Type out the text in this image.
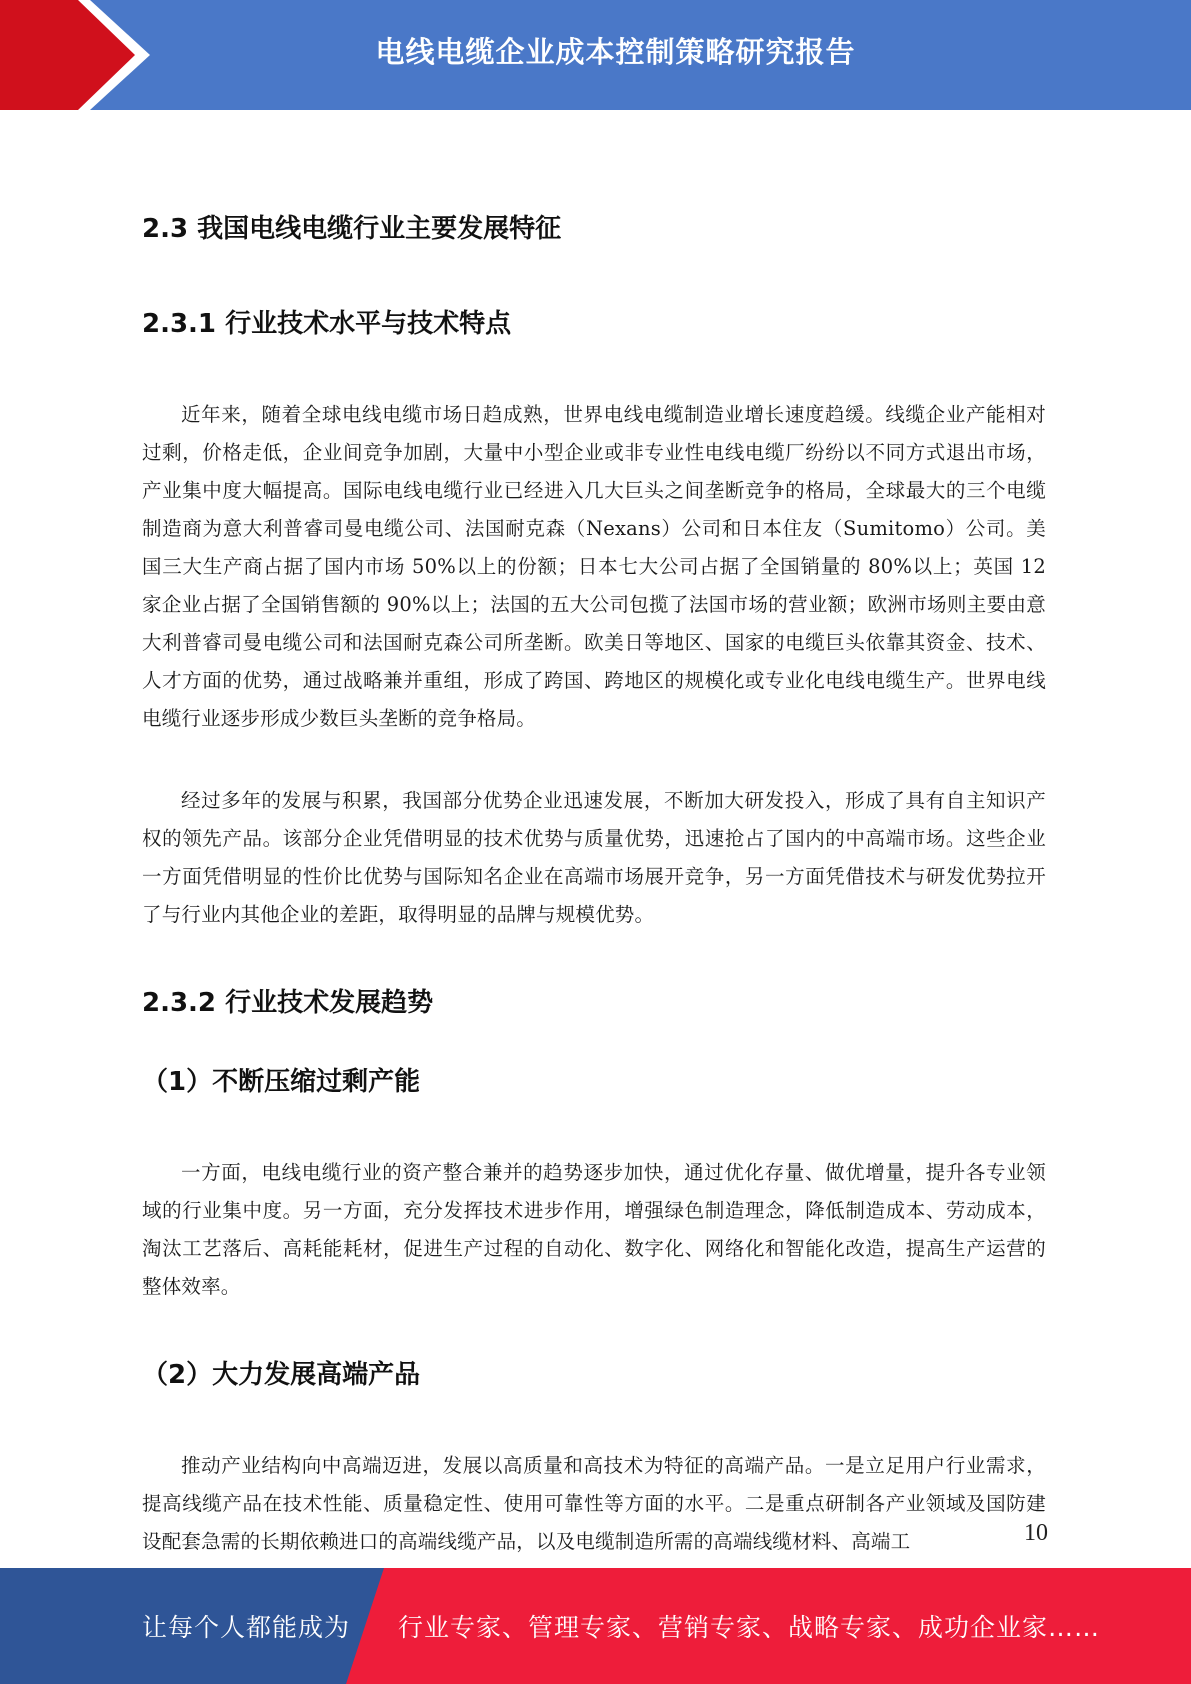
电线电缆企业成本控制策略研究报告
2.3 我国电线电缆行业主要发展特征
2.3.1 行业技术水平与技术特点

近年来，随着全球电线电缆市场日趋成熟，世界电线电缆制造业增长速度趋缓。线缆企业产能相对过剩，价格走低，企业间竞争加剧，大量中小型企业或非专业性电线电缆厂纷纷以不同方式退出市场，产业集中度大幅提高。国际电线电缆行业已经进入几大巨头之间垄断竞争的格局，全球最大的三个电缆制造商为意大利普睿司曼电缆公司、法国耐克森（Nexans）公司和日本住友（Sumitomo）公司。美国三大生产商占据了国内市场 50%以上的份额；日本七大公司占据了全国销量的 80%以上；英国 12 家企业占据了全国销售额的 90%以上；法国的五大公司包揽了法国市场的营业额；欧洲市场则主要由意大利普睿司曼电缆公司和法国耐克森公司所垄断。欧美日等地区、国家的电缆巨头依靠其资金、技术、人才方面的优势，通过战略兼并重组，形成了跨国、跨地区的规模化或专业化电线电缆生产。世界电线电缆行业逐步形成少数巨头垄断的竞争格局。

经过多年的发展与积累，我国部分优势企业迅速发展，不断加大研发投入，形成了具有自主知识产权的领先产品。该部分企业凭借明显的技术优势与质量优势，迅速抢占了国内的中高端市场。这些企业一方面凭借明显的性价比优势与国际知名企业在高端市场展开竞争，另一方面凭借技术与研发优势拉开了与行业内其他企业的差距，取得明显的品牌与规模优势。

2.3.2 行业技术发展趋势
（1）不断压缩过剩产能

一方面，电线电缆行业的资产整合兼并的趋势逐步加快，通过优化存量、做优增量，提升各专业领域的行业集中度。另一方面，充分发挥技术进步作用，增强绿色制造理念，降低制造成本、劳动成本，淘汰工艺落后、高耗能耗材，促进生产过程的自动化、数字化、网络化和智能化改造，提高生产运营的整体效率。

（2）大力发展高端产品

推动产业结构向中高端迈进，发展以高质量和高技术为特征的高端产品。一是立足用户行业需求，提高线缆产品在技术性能、质量稳定性、使用可靠性等方面的水平。二是重点研制各产业领域及国防建设配套急需的长期依赖进口的高端线缆产品，以及电缆制造所需的高端线缆材料、高端工	10
让每个人都能成为 行业专家、管理专家、营销专家、战略专家、成功企业家……
